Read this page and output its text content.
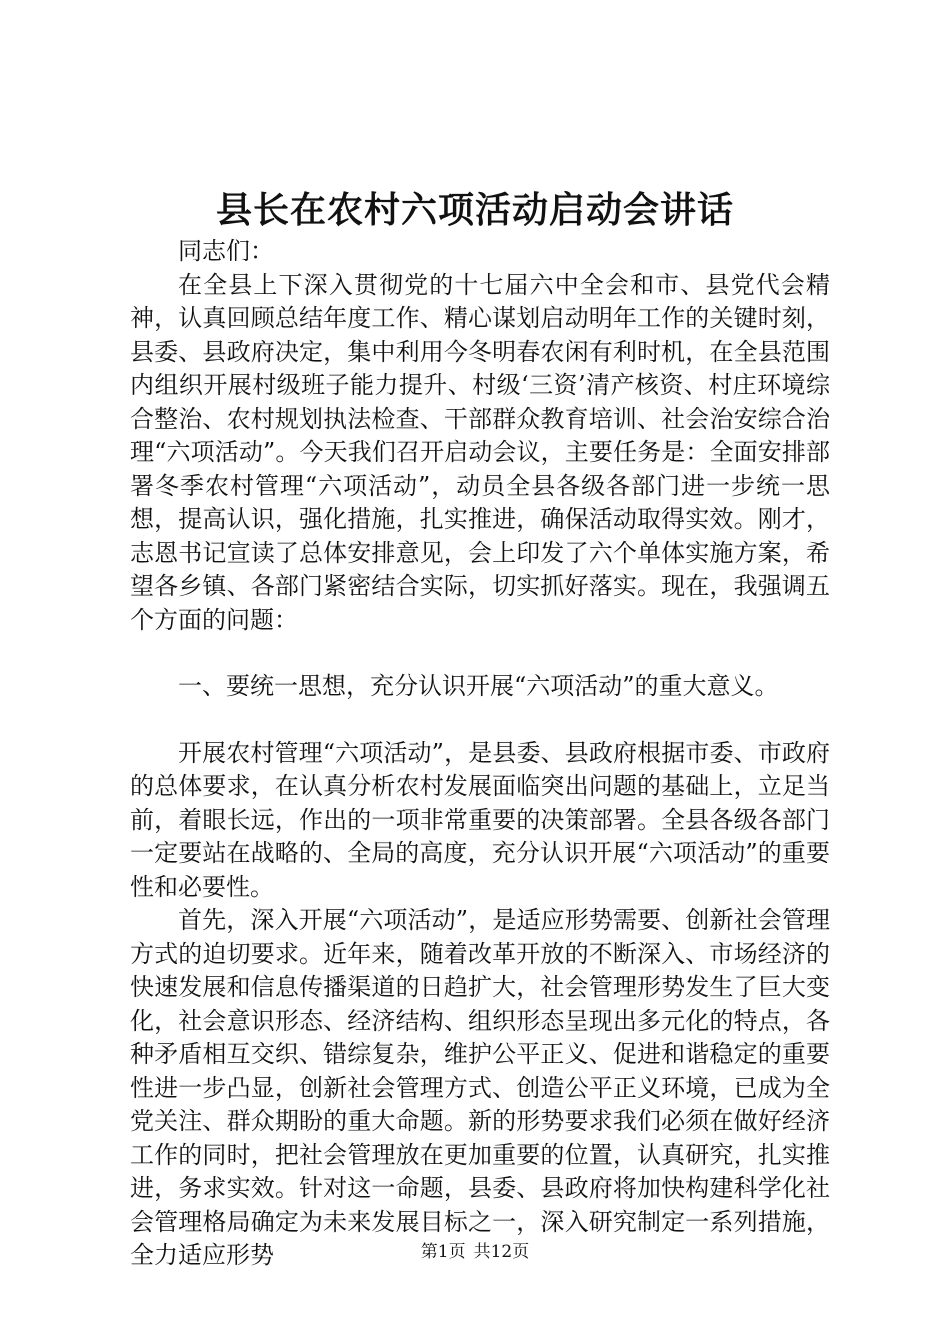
县长在农村六项活动启动会讲话

同志们：

在全县上下深入贯彻党的十七届六中全会和市、县党代会精神，认真回顾总结年度工作、精心谋划启动明年工作的关键时刻，县委、县政府决定，集中利用今冬明春农闲有利时机，在全县范围内组织开展村级班子能力提升、村级‘三资’清产核资、村庄环境综合整治、农村规划执法检查、干部群众教育培训、社会治安综合治理“六项活动”。今天我们召开启动会议，主要任务是：全面安排部署冬季农村管理“六项活动”，动员全县各级各部门进一步统一思想，提高认识，强化措施，扎实推进，确保活动取得实效。刚才，志恩书记宣读了总体安排意见，会上印发了六个单体实施方案，希望各乡镇、各部门紧密结合实际，切实抓好落实。现在，我强调五个方面的问题：

一、要统一思想，充分认识开展“六项活动”的重大意义。

开展农村管理“六项活动”，是县委、县政府根据市委、市政府的总体要求，在认真分析农村发展面临突出问题的基础上，立足当前，着眼长远，作出的一项非常重要的决策部署。全县各级各部门一定要站在战略的、全局的高度，充分认识开展“六项活动”的重要性和必要性。

首先，深入开展“六项活动”，是适应形势需要、创新社会管理方式的迫切要求。近年来，随着改革开放的不断深入、市场经济的快速发展和信息传播渠道的日趋扩大，社会管理形势发生了巨大变化，社会意识形态、经济结构、组织形态呈现出多元化的特点，各种矛盾相互交织、错综复杂，维护公平正义、促进和谐稳定的重要性进一步凸显，创新社会管理方式、创造公平正义环境，已成为全党关注、群众期盼的重大命题。新的形势要求我们必须在做好经济工作的同时，把社会管理放在更加重要的位置，认真研究，扎实推进，务求实效。针对这一命题，县委、县政府将加快构建科学化社会管理格局确定为未来发展目标之一，深入研究制定一系列措施，全力适应形势	第1页 共12页
